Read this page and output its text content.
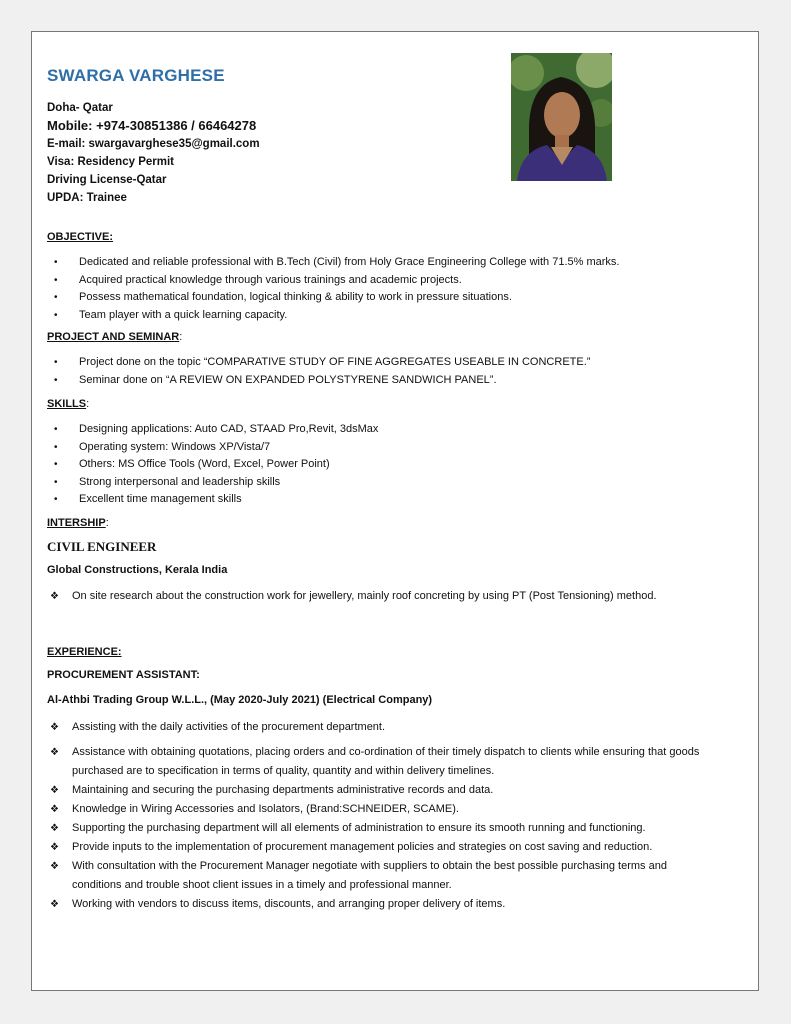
SWARGA VARGHESE
Doha- Qatar
Mobile: +974-30851386 / 66464278
E-mail: swargavarghese35@gmail.com
Visa: Residency Permit
Driving License-Qatar
UPDA: Trainee
OBJECTIVE:
• Dedicated and reliable professional with B.Tech (Civil) from Holy Grace Engineering College with 71.5% marks.
• Acquired practical knowledge through various trainings and academic projects.
• Possess mathematical foundation, logical thinking & ability to work in pressure situations.
• Team player with a quick learning capacity.
PROJECT AND SEMINAR:
• Project done on the topic “COMPARATIVE STUDY OF FINE AGGREGATES USEABLE IN CONCRETE.”
• Seminar done on “A REVIEW ON EXPANDED POLYSTYRENE SANDWICH PANEL”.
SKILLS:
• Designing applications: Auto CAD, STAAD Pro,Revit, 3dsMax
• Operating system: Windows XP/Vista/7
• Others: MS Office Tools (Word, Excel, Power Point)
• Strong interpersonal and leadership skills
• Excellent time management skills
INTERSHIP:
CIVIL ENGINEER
Global Constructions, Kerala India
❖ On site research about the construction work for jewellery, mainly roof concreting by using PT (Post Tensioning) method.
EXPERIENCE:
PROCUREMENT ASSISTANT:
Al-Athbi Trading Group W.L.L., (May 2020-July 2021) (Electrical Company)
❖ Assisting with the daily activities of the procurement department.
❖ Assistance with obtaining quotations, placing orders and co-ordination of their timely dispatch to clients while ensuring that goods purchased are to specification in terms of quality, quantity and within delivery timelines.
❖ Maintaining and securing the purchasing departments administrative records and data.
❖ Knowledge in Wiring Accessories and Isolators, (Brand:SCHNEIDER, SCAME).
❖ Supporting the purchasing department will all elements of administration to ensure its smooth running and functioning.
❖ Provide inputs to the implementation of procurement management policies and strategies on cost saving and reduction.
❖ With consultation with the Procurement Manager negotiate with suppliers to obtain the best possible purchasing terms and conditions and trouble shoot client issues in a timely and professional manner.
❖ Working with vendors to discuss items, discounts, and arranging proper delivery of items.
